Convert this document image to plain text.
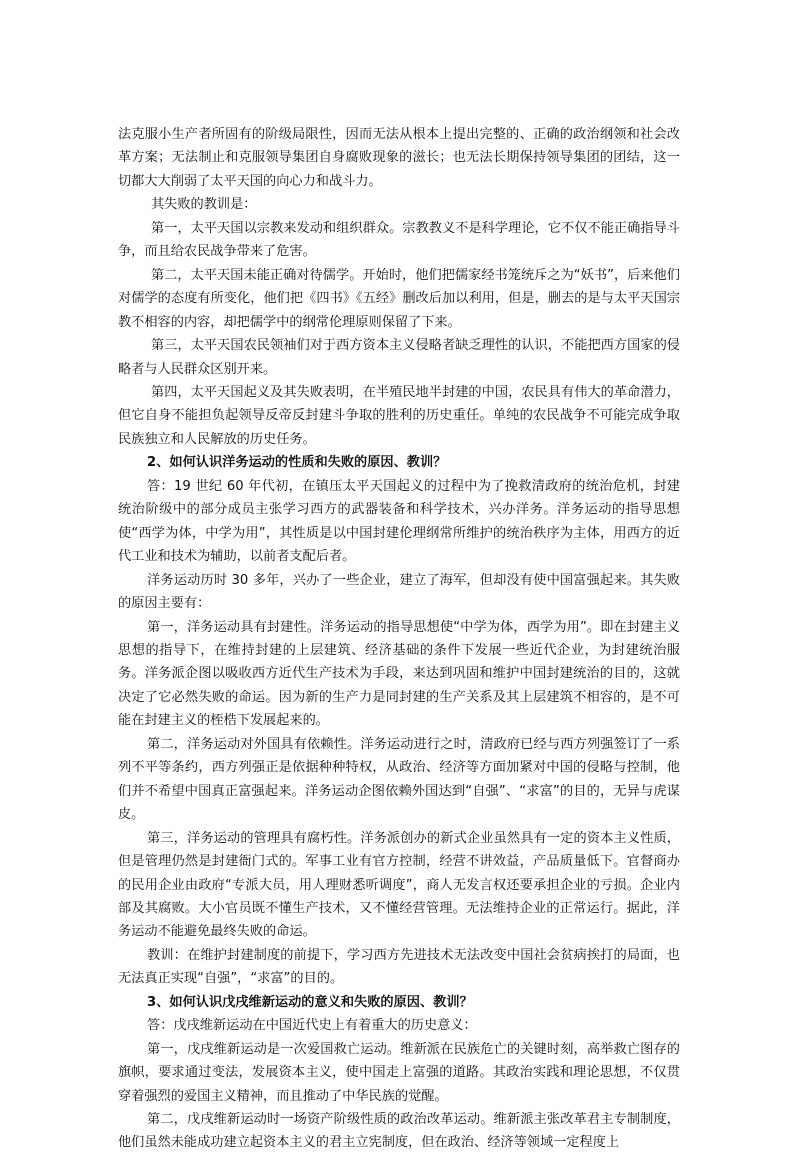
法克服小生产者所固有的阶级局限性，因而无法从根本上提出完整的、正确的政治纲领和社会改革方案；无法制止和克服领导集团自身腐败现象的滋长；也无法长期保持领导集团的团结，这一切都大大削弱了太平天国的向心力和战斗力。

其失败的教训是：

第一，太平天国以宗教来发动和组织群众。宗教教义不是科学理论，它不仅不能正确指导斗争，而且给农民战争带来了危害。

第二，太平天国未能正确对待儒学。开始时，他们把儒家经书笼统斥之为“妖书”，后来他们对儒学的态度有所变化，他们把《四书》《五经》删改后加以利用，但是，删去的是与太平天国宗教不相容的内容，却把儒学中的纲常伦理原则保留了下来。

第三，太平天国农民领袖们对于西方资本主义侵略者缺乏理性的认识，不能把西方国家的侵略者与人民群众区别开来。

第四，太平天国起义及其失败表明，在半殖民地半封建的中国，农民具有伟大的革命潜力，但它自身不能担负起领导反帝反封建斗争取的胜利的历史重任。单纯的农民战争不可能完成争取民族独立和人民解放的历史任务。

2、如何认识洋务运动的性质和失败的原因、教训？

答：19 世纪 60 年代初，在镇压太平天国起义的过程中为了挽救清政府的统治危机，封建统治阶级中的部分成员主张学习西方的武器装备和科学技术，兴办洋务。洋务运动的指导思想使“西学为体，中学为用”，其性质是以中国封建伦理纲常所维护的统治秩序为主体，用西方的近代工业和技术为辅助，以前者支配后者。

洋务运动历时 30 多年，兴办了一些企业，建立了海军，但却没有使中国富强起来。其失败的原因主要有：

第一，洋务运动具有封建性。洋务运动的指导思想使“中学为体，西学为用”。即在封建主义思想的指导下，在维持封建的上层建筑、经济基础的条件下发展一些近代企业，为封建统治服务。洋务派企图以吸收西方近代生产技术为手段，来达到巩固和维护中国封建统治的目的，这就决定了它必然失败的命运。因为新的生产力是同封建的生产关系及其上层建筑不相容的，是不可能在封建主义的桎梏下发展起来的。

第二，洋务运动对外国具有依赖性。洋务运动进行之时，清政府已经与西方列强签订了一系列不平等条约，西方列强正是依据种种特权，从政治、经济等方面加紧对中国的侵略与控制，他们并不希望中国真正富强起来。洋务运动企图依赖外国达到“自强”、“求富”的目的，无异与虎谋皮。

第三，洋务运动的管理具有腐朽性。洋务派创办的新式企业虽然具有一定的资本主义性质，但是管理仍然是封建衙门式的。军事工业有官方控制，经营不讲效益，产品质量低下。官督商办的民用企业由政府“专派大员，用人理财悉听调度”，商人无发言权还要承担企业的亏损。企业内部及其腐败。大小官员既不懂生产技术，又不懂经营管理。无法维持企业的正常运行。据此，洋务运动不能避免最终失败的命运。

教训：在维护封建制度的前提下，学习西方先进技术无法改变中国社会贫病挨打的局面，也无法真正实现“自强”，“求富”的目的。

3、如何认识戊戌维新运动的意义和失败的原因、教训？

答：戊戌维新运动在中国近代史上有着重大的历史意义：

第一，戊戌维新运动是一次爱国救亡运动。维新派在民族危亡的关键时刻，高举救亡图存的旗帜，要求通过变法，发展资本主义，使中国走上富强的道路。其政治实践和理论思想，不仅贯穿着强烈的爱国主义精神，而且推动了中华民族的觉醒。

第二，戊戌维新运动时一场资产阶级性质的政治改革运动。维新派主张改革君主专制制度，他们虽然未能成功建立起资本主义的君主立宪制度，但在政治、经济等领域一定程度上
